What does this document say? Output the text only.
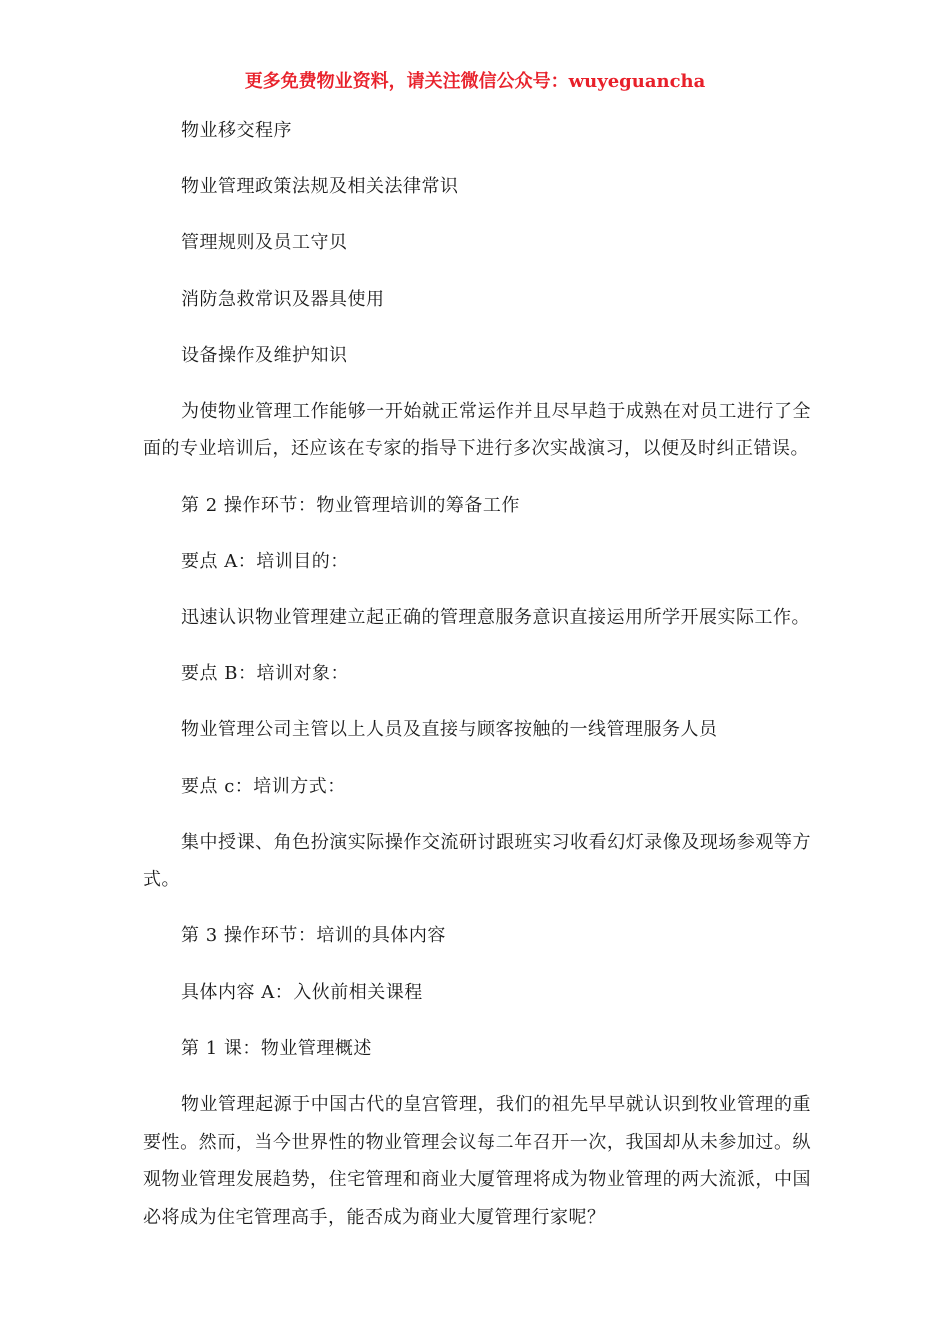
更多免费物业资料，请关注微信公众号：wuyeguancha

物业移交程序

物业管理政策法规及相关法律常识

管理规则及员工守贝

消防急救常识及器具使用

设备操作及维护知识

为使物业管理工作能够一开始就正常运作并且尽早趋于成熟在对员工进行了全面的专业培训后，还应该在专家的指导下进行多次实战演习，以便及时纠正错误。

第 2 操作环节：物业管理培训的筹备工作

要点 A：培训目的：

迅速认识物业管理建立起正确的管理意服务意识直接运用所学开展实际工作。

要点 B：培训对象：

物业管理公司主管以上人员及直接与顾客按触的一线管理服务人员

要点 c：培训方式：

集中授课、角色扮演实际操作交流研讨跟班实习收看幻灯录像及现场参观等方式。

第 3 操作环节：培训的具体内容

具体内容 A：入伙前相关课程

第 1 课：物业管理概述

物业管理起源于中国古代的皇宫管理，我们的祖先早早就认识到牧业管理的重要性。然而，当今世界性的物业管理会议每二年召开一次，我国却从未参加过。纵观物业管理发展趋势，住宅管理和商业大厦管理将成为物业管理的两大流派，中国必将成为住宅管理高手，能否成为商业大厦管理行家呢？
